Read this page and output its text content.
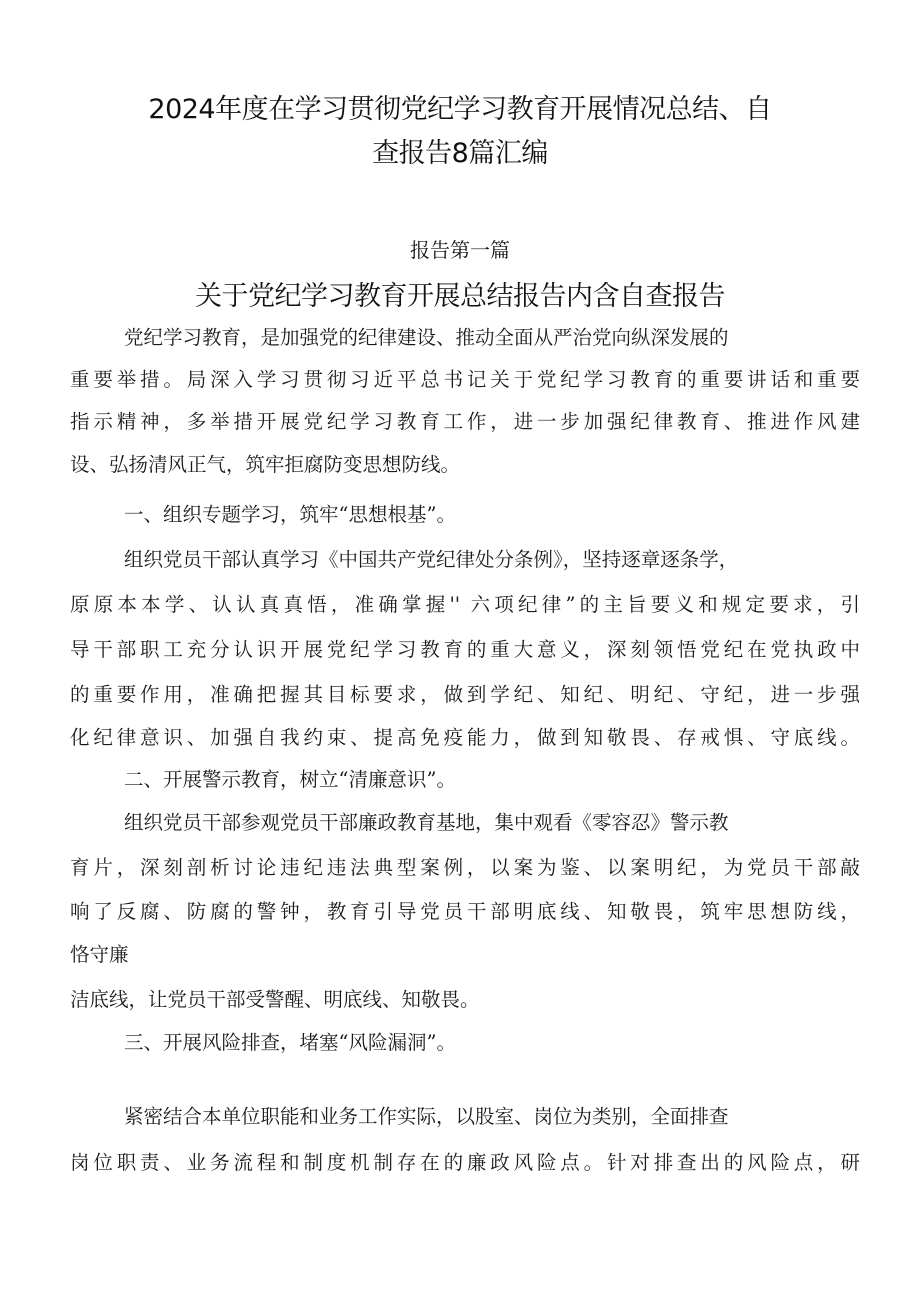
2024年度在学习贯彻党纪学习教育开展情况总结、自
查报告8篇汇编
报告第一篇
关于党纪学习教育开展总结报告内含自查报告
党纪学习教育，是加强党的纪律建设、推动全面从严治党向纵深发展的
重要举措。局深入学习贯彻习近平总书记关于党纪学习教育的重要讲话和重要
指示精神，多举措开展党纪学习教育工作，进一步加强纪律教育、推进作风建
设、弘扬清风正气，筑牢拒腐防变思想防线。
一、组织专题学习，筑牢“思想根基”。
组织党员干部认真学习《中国共产党纪律处分条例》，坚持逐章逐条学，
原原本本学、认认真真悟，准确掌握'' 六项纪律”的主旨要义和规定要求，引
导干部职工充分认识开展党纪学习教育的重大意义，深刻领悟党纪在党执政中
的重要作用，准确把握其目标要求，做到学纪、知纪、明纪、守纪，进一步强
化纪律意识、加强自我约束、提高免疫能力，做到知敬畏、存戒惧、守底线。
二、开展警示教育，树立“清廉意识”。
组织党员干部参观党员干部廉政教育基地，集中观看《零容忍》警示教
育片，深刻剖析讨论违纪违法典型案例，以案为鉴、以案明纪，为党员干部敲
响了反腐、防腐的警钟，教育引导党员干部明底线、知敬畏，筑牢思想防线，
恪守廉
洁底线，让党员干部受警醒、明底线、知敬畏。
三、开展风险排查，堵塞“风险漏洞”。
紧密结合本单位职能和业务工作实际，以股室、岗位为类别，全面排查
岗位职责、业务流程和制度机制存在的廉政风险点。针对排查出的风险点，研
